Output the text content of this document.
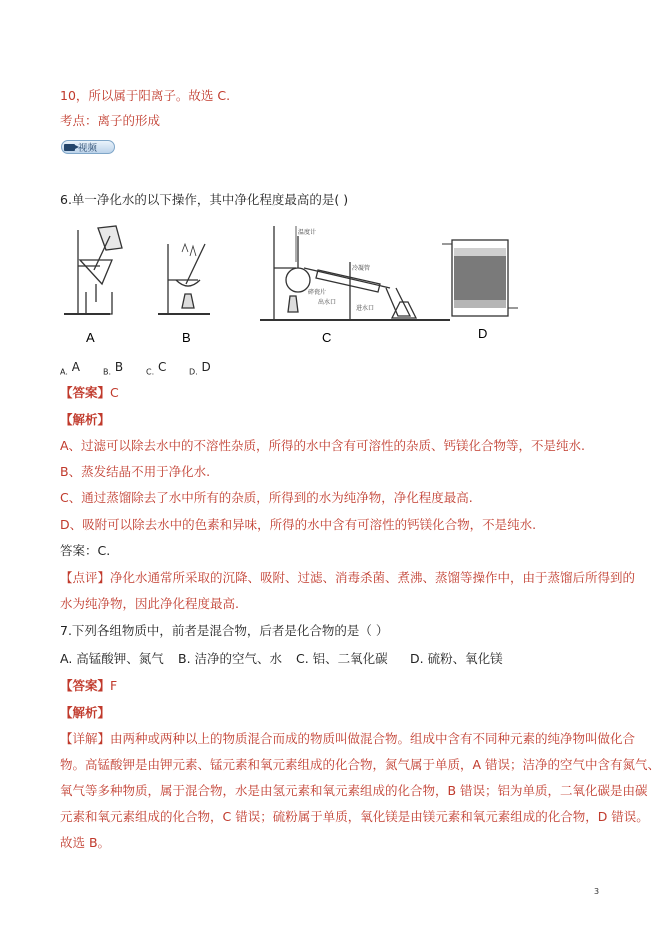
10，所以属于阳离子。故选 C.
考点：离子的形成
视频
6.单一净化水的以下操作，其中净化程度最高的是( )
A	B
温度计
冷凝管
碎瓷片
出水口
进水口
C	D
$_{A.}$ A	$_{B.}$ B	$_{C.}$ C	$_{D.}$ D
【答案】C
【解析】
A、过滤可以除去水中的不溶性杂质，所得的水中含有可溶性的杂质、钙镁化合物等，不是纯水.
B、蒸发结晶不用于净化水.
C、通过蒸馏除去了水中所有的杂质，所得到的水为纯净物，净化程度最高.
D、吸附可以除去水中的色素和异味，所得的水中含有可溶性的钙镁化合物，不是纯水.
答案：C.
【点评】净化水通常所采取的沉降、吸附、过滤、消毒杀菌、煮沸、蒸馏等操作中，由于蒸馏后所得到的
水为纯净物，因此净化程度最高.
7.下列各组物质中，前者是混合物，后者是化合物的是（ ）
A. 高锰酸钾、氮气 B. 洁净的空气、水 C. 铝、二氧化碳 D. 硫粉、氧化镁
【答案】F
【解析】
【详解】由两种或两种以上的物质混合而成的物质叫做混合物。组成中含有不同种元素的纯净物叫做化合
物。高锰酸钾是由钾元素、锰元素和氧元素组成的化合物，氮气属于单质，A 错误；洁净的空气中含有氮气、
氧气等多种物质，属于混合物，水是由氢元素和氧元素组成的化合物，B 错误；铝为单质，二氧化碳是由碳
元素和氧元素组成的化合物，C 错误；硫粉属于单质，氧化镁是由镁元素和氧元素组成的化合物，D 错误。
故选 B。
3
